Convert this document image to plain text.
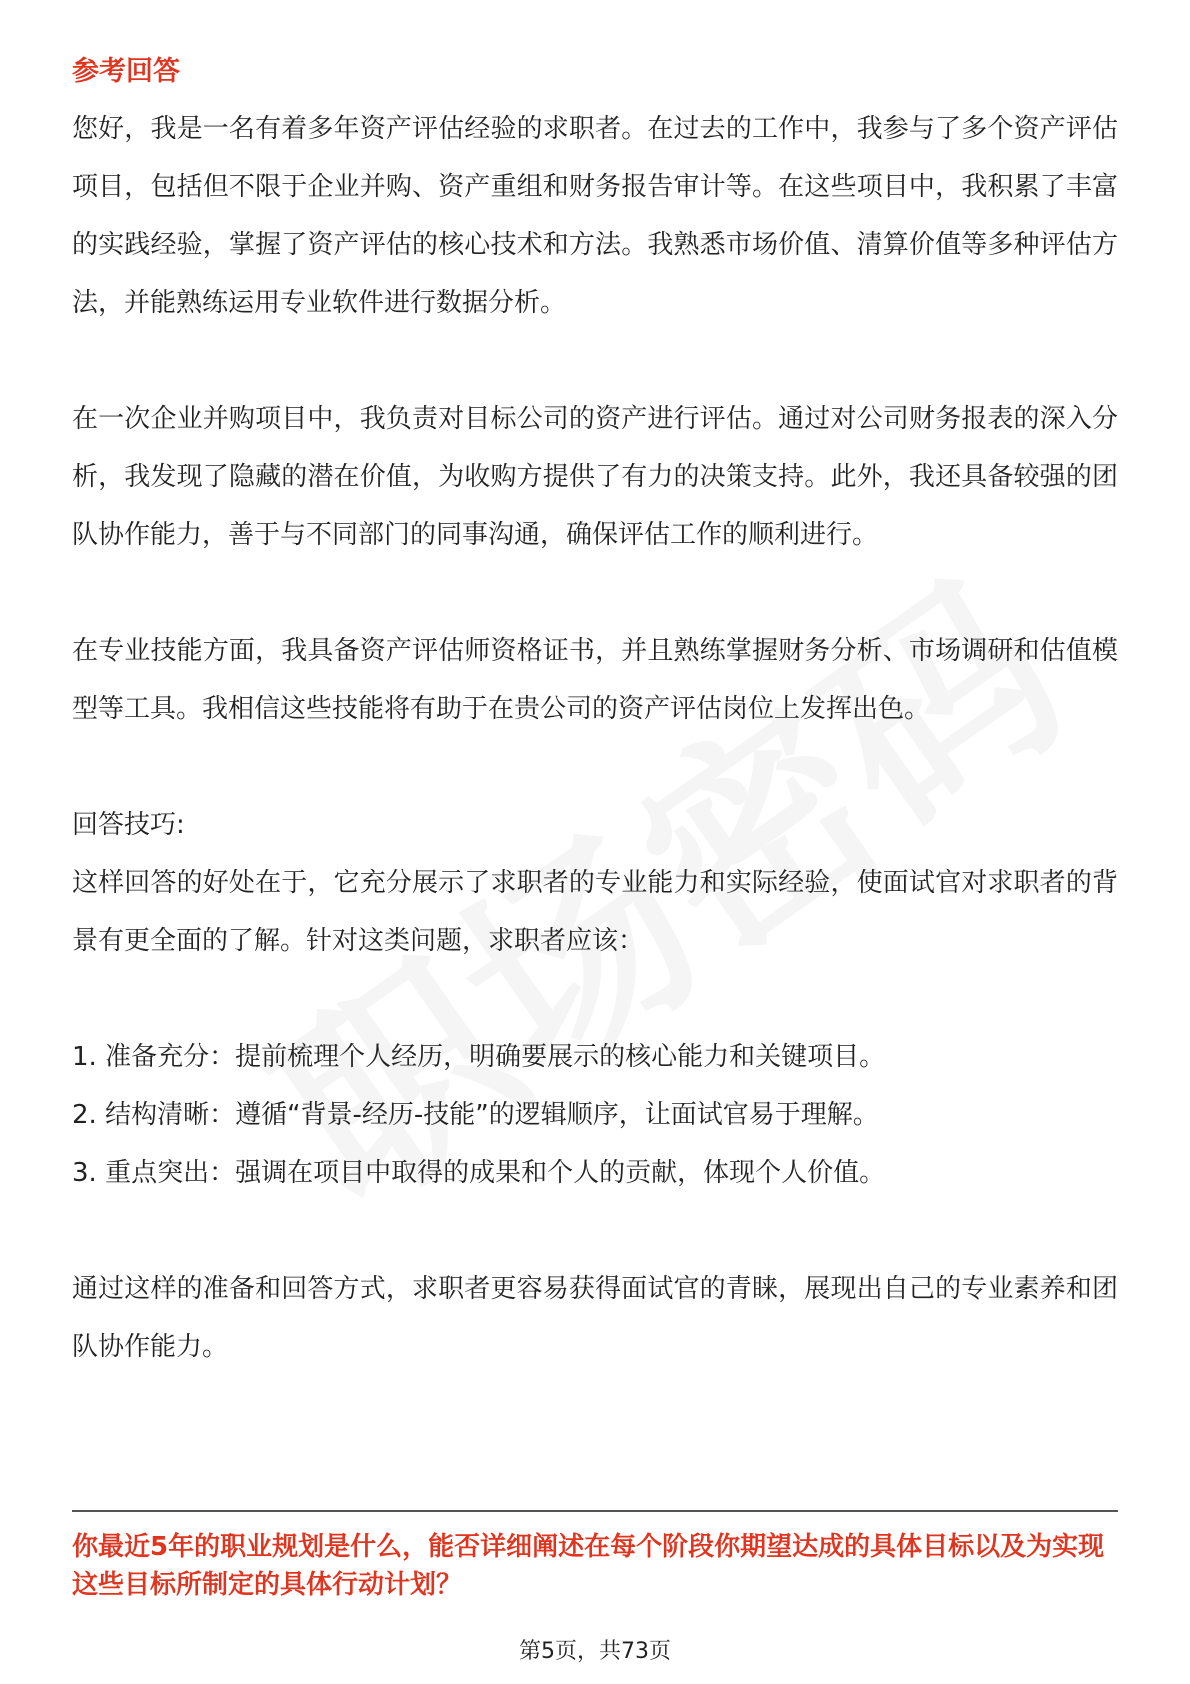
参考回答

您好，我是一名有着多年资产评估经验的求职者。在过去的工作中，我参与了多个资产评估项目，包括但不限于企业并购、资产重组和财务报告审计等。在这些项目中，我积累了丰富的实践经验，掌握了资产评估的核心技术和方法。我熟悉市场价值、清算价值等多种评估方法，并能熟练运用专业软件进行数据分析。

在一次企业并购项目中，我负责对目标公司的资产进行评估。通过对公司财务报表的深入分析，我发现了隐藏的潜在价值，为收购方提供了有力的决策支持。此外，我还具备较强的团队协作能力，善于与不同部门的同事沟通，确保评估工作的顺利进行。

在专业技能方面，我具备资产评估师资格证书，并且熟练掌握财务分析、市场调研和估值模型等工具。我相信这些技能将有助于在贵公司的资产评估岗位上发挥出色。

回答技巧:

这样回答的好处在于，它充分展示了求职者的专业能力和实际经验，使面试官对求职者的背景有更全面的了解。针对这类问题，求职者应该：

1. 准备充分：提前梳理个人经历，明确要展示的核心能力和关键项目。

2. 结构清晰：遵循“背景-经历-技能”的逻辑顺序，让面试官易于理解。

3. 重点突出：强调在项目中取得的成果和个人的贡献，体现个人价值。

通过这样的准备和回答方式，求职者更容易获得面试官的青睐，展现出自己的专业素养和团队协作能力。

你最近5年的职业规划是什么，能否详细阐述在每个阶段你期望达成的具体目标以及为实现这些目标所制定的具体行动计划？

第5页，共73页
